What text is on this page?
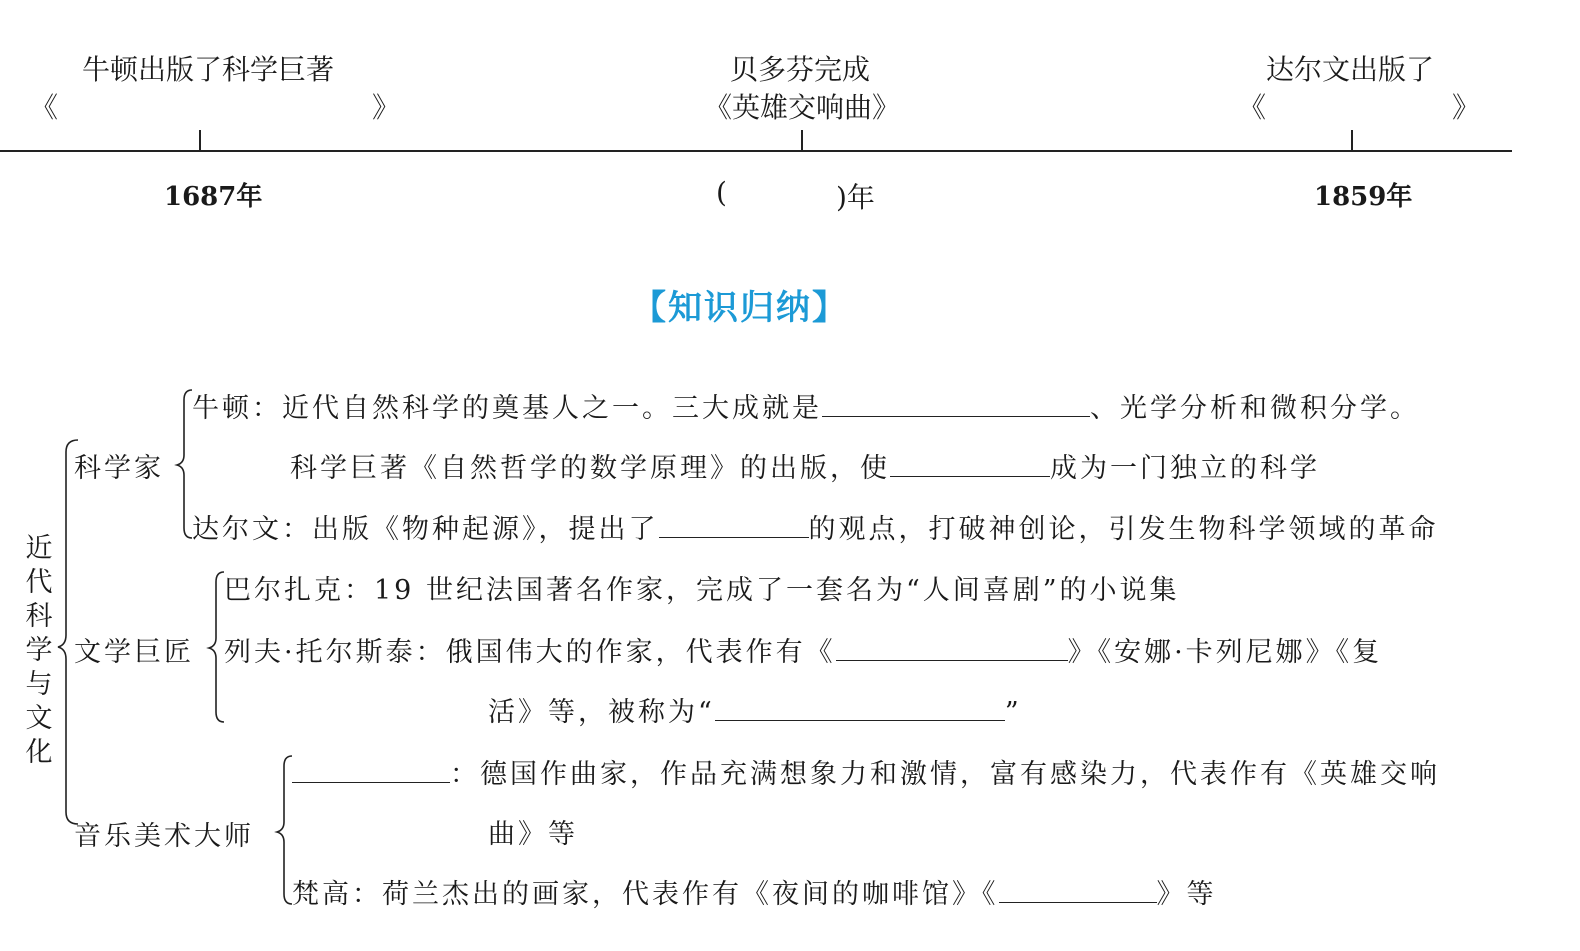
牛顿出版了科学巨著
《	》
1687年
贝多芬完成
《英雄交响曲》
(	)年
达尔文出版了
《	》
1859年
【知识归纳】
近
代
科
学
与
文
化
科学家
牛顿：近代自然科学的奠基人之一。三大成就是	、光学分析和微积分学。
科学巨著《自然哲学的数学原理》的出版，使	成为一门独立的科学
达尔文：出版《物种起源》，提出了	的观点，打破神创论，引发生物科学领域的革命
文学巨匠
巴尔扎克：19 世纪法国著名作家，完成了一套名为“人间喜剧”的小说集
列夫·托尔斯泰：俄国伟大的作家，代表作有《	》《安娜·卡列尼娜》《复
活》等，被称为“	”
音乐美术大师
：德国作曲家，作品充满想象力和激情，富有感染力，代表作有《英雄交响
曲》等
梵高：荷兰杰出的画家，代表作有《夜间的咖啡馆》《	》等
